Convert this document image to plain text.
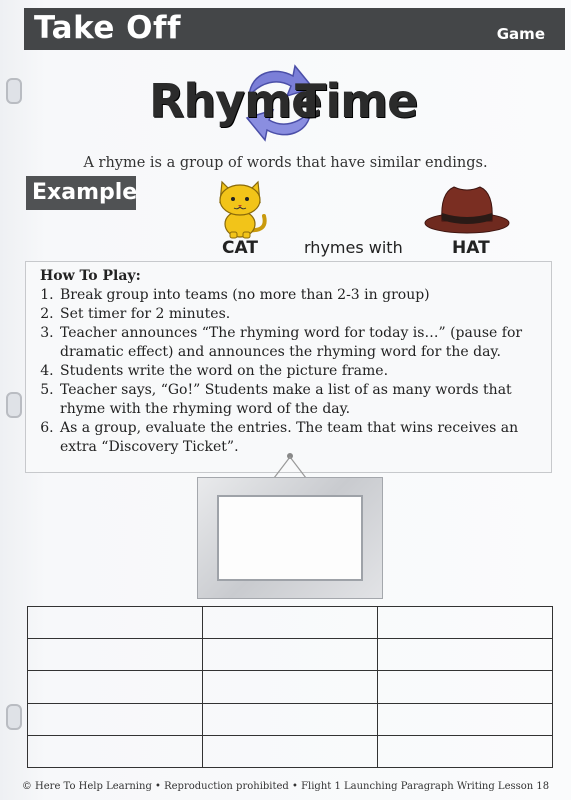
Take Off	Game
Rhyme
Time
A rhyme is a group of words that have similar endings.
Example
CAT	rhymes with	HAT
How To Play:
1. Break group into teams (no more than 2-3 in group)
2. Set timer for 2 minutes.
3. Teacher announces “The rhyming word for today is…” (pause for dramatic effect) and announces the rhyming word for the day.
4. Students write the word on the picture frame.
5. Teacher says, “Go!” Students make a list of as many words that rhyme with the rhyming word of the day.
6. As a group, evaluate the entries. The team that wins receives an extra “Discovery Ticket”.

© Here To Help Learning • Reproduction prohibited • Flight 1 Launching Paragraph Writing Lesson 18
